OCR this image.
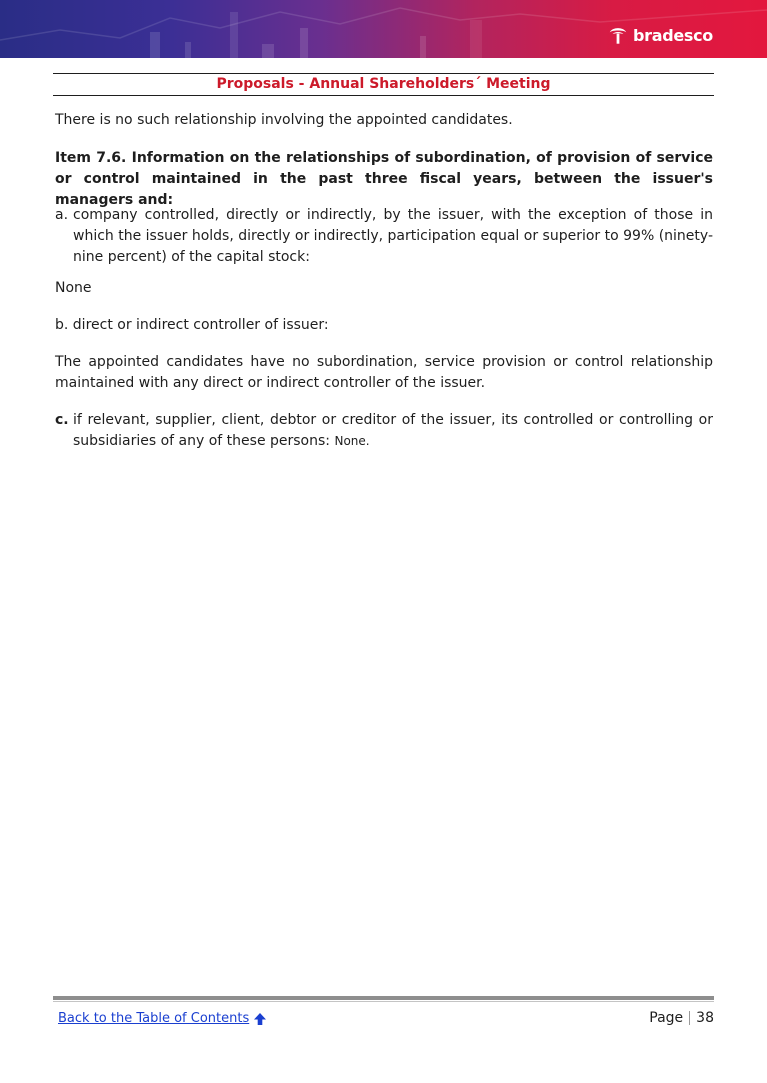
bradesco
Proposals - Annual Shareholders´ Meeting

There is no such relationship involving the appointed candidates.

Item 7.6. Information on the relationships of subordination, of provision of service or control maintained in the past three fiscal years, between the issuer's managers and:

a. company controlled, directly or indirectly, by the issuer, with the exception of those in which the issuer holds, directly or indirectly, participation equal or superior to 99% (ninety-nine percent) of the capital stock:

None

b. direct or indirect controller of issuer:

The appointed candidates have no subordination, service provision or control relationship maintained with any direct or indirect controller of the issuer.

c. if relevant, supplier, client, debtor or creditor of the issuer, its controlled or controlling or subsidiaries of any of these persons: None.
Back to the Table of Contents	Page 38
